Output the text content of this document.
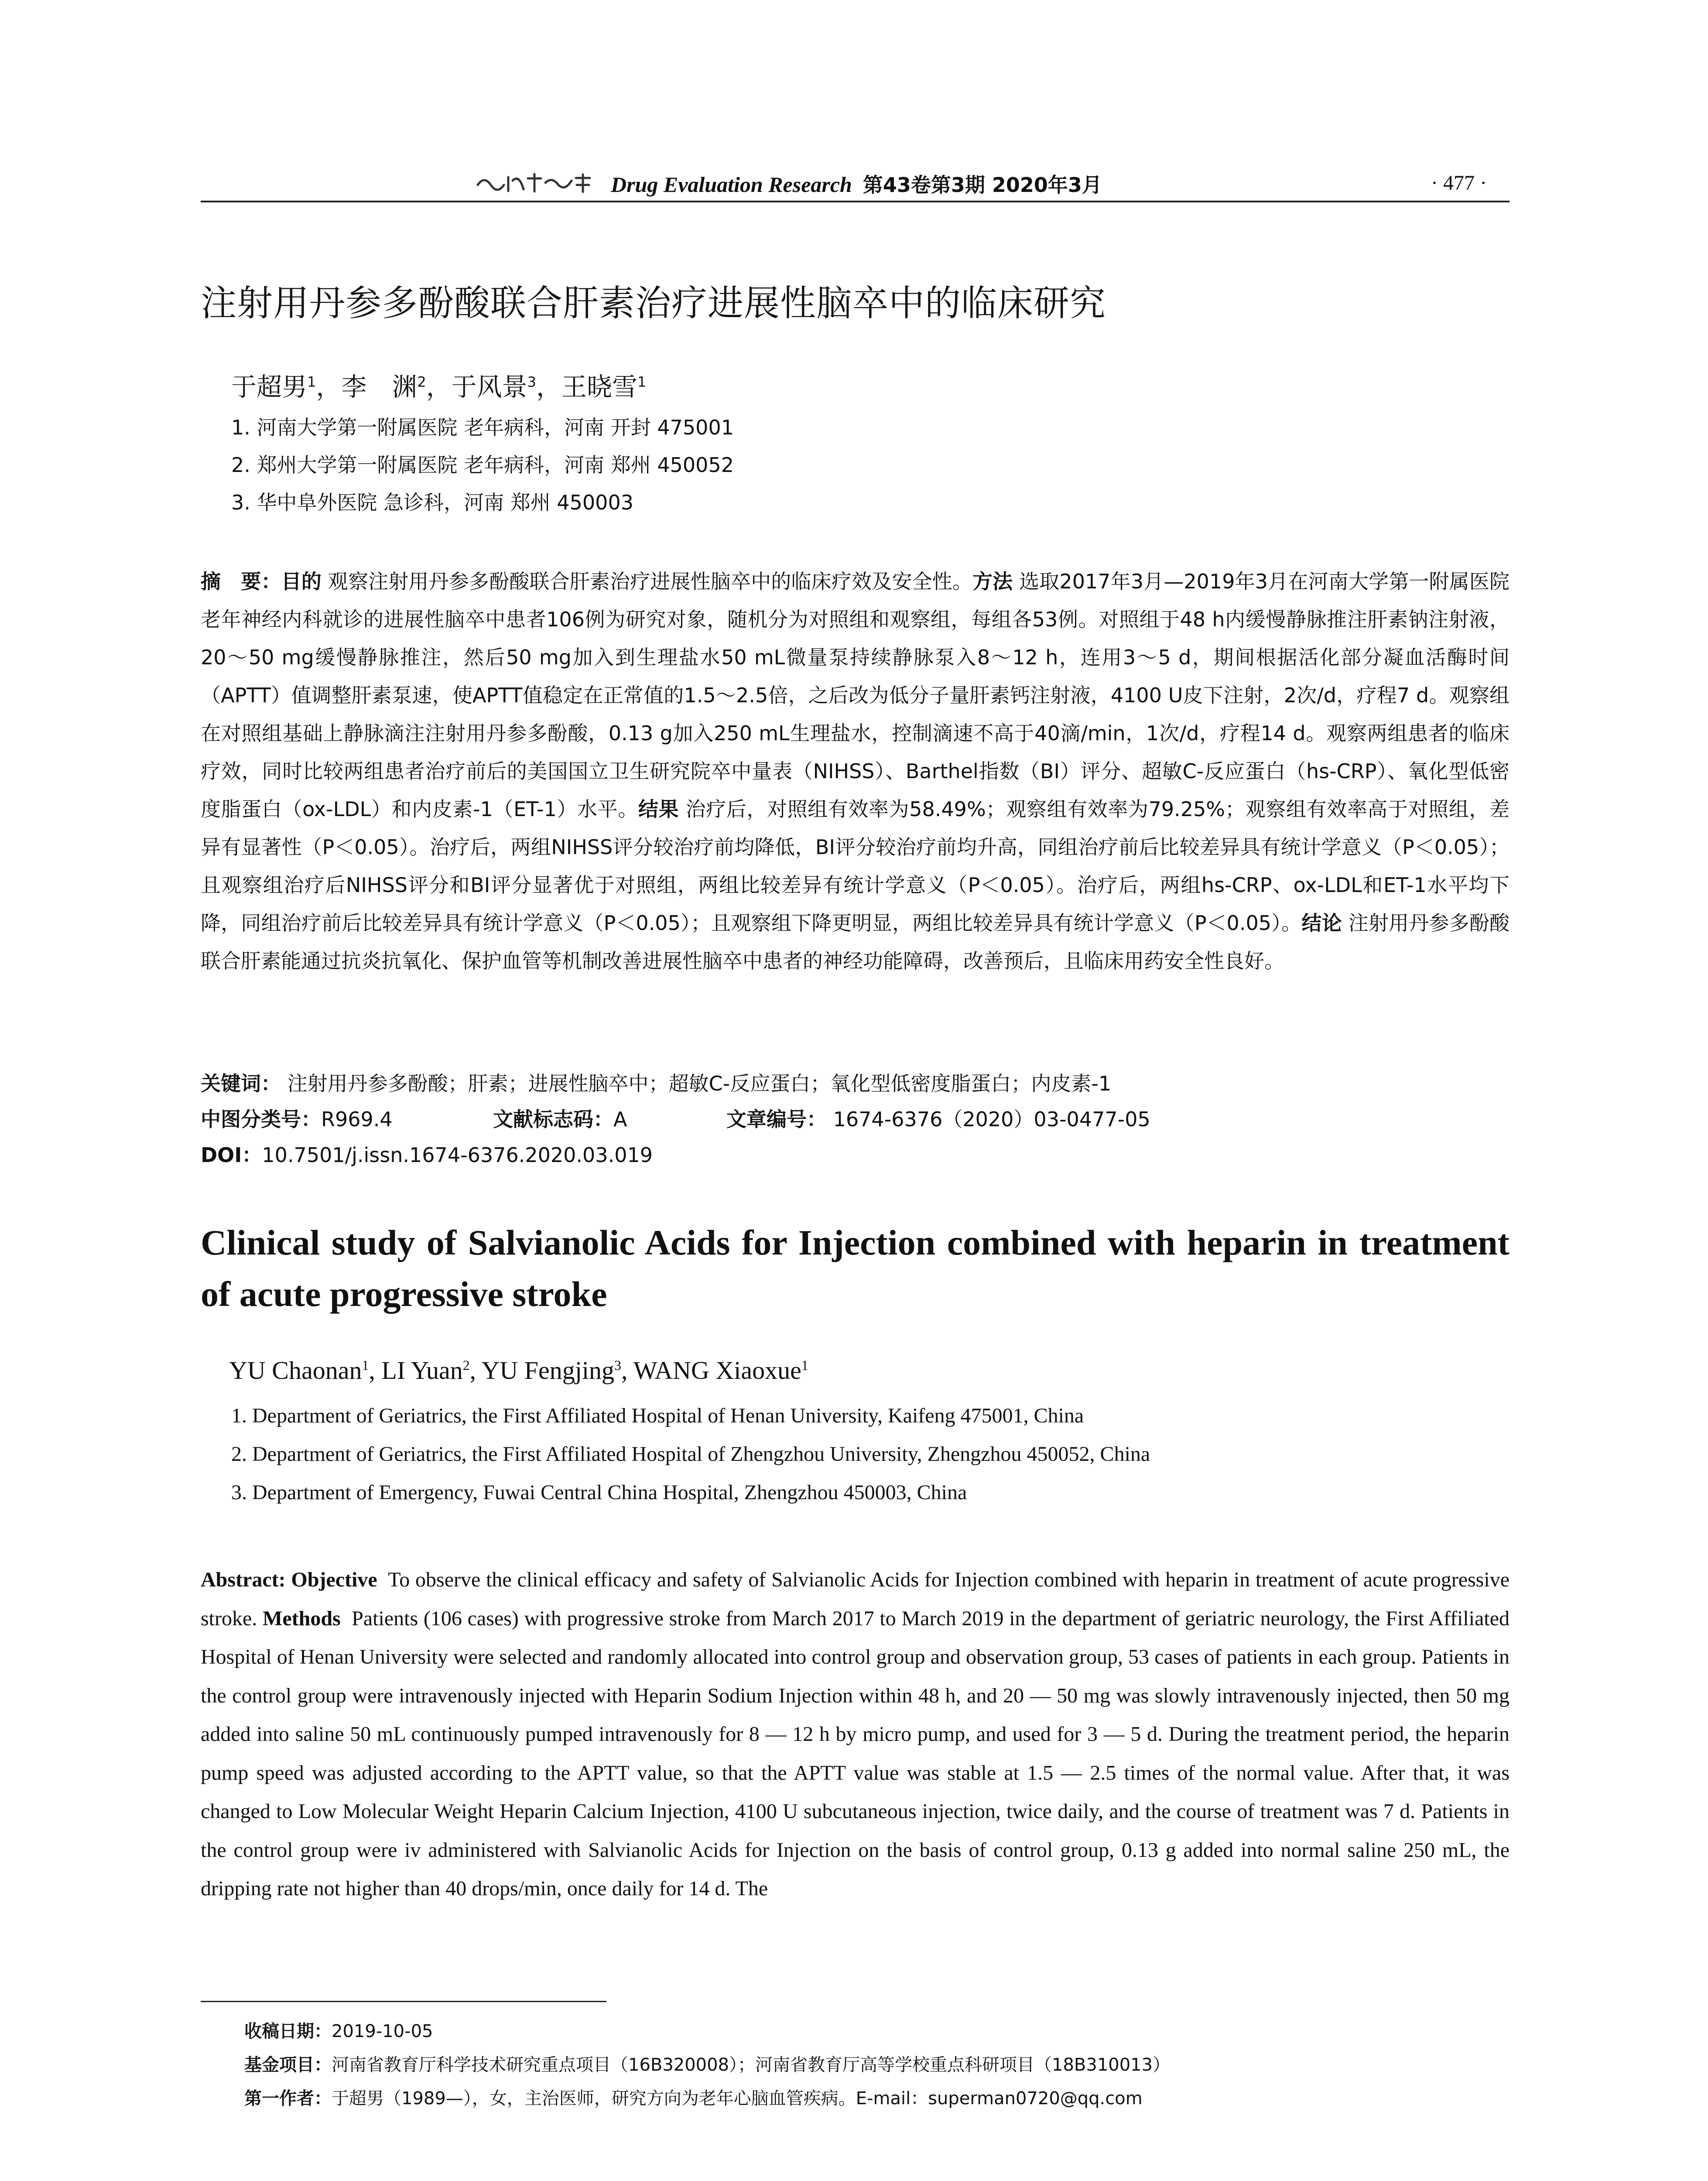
Drug Evaluation Research 第43卷第3期 2020年3月	· 477 ·
注射用丹参多酚酸联合肝素治疗进展性脑卒中的临床研究
于超男$^1$，李　渊$^2$，于风景$^3$，王晓雪$^1$
1. 河南大学第一附属医院 老年病科，河南 开封 475001
2. 郑州大学第一附属医院 老年病科，河南 郑州 450052
3. 华中阜外医院 急诊科，河南 郑州 450003

摘　要：目的 观察注射用丹参多酚酸联合肝素治疗进展性脑卒中的临床疗效及安全性。方法 选取2017年3月—2019年3月在河南大学第一附属医院老年神经内科就诊的进展性脑卒中患者106例为研究对象，随机分为对照组和观察组，每组各53例。对照组于48 h内缓慢静脉推注肝素钠注射液，20～50 mg缓慢静脉推注，然后50 mg加入到生理盐水50 mL微量泵持续静脉泵入8～12 h，连用3～5 d，期间根据活化部分凝血活酶时间（APTT）值调整肝素泵速，使APTT值稳定在正常值的1.5～2.5倍，之后改为低分子量肝素钙注射液，4100 U皮下注射，2次/d，疗程7 d。观察组在对照组基础上静脉滴注注射用丹参多酚酸，0.13 g加入250 mL生理盐水，控制滴速不高于40滴/min，1次/d，疗程14 d。观察两组患者的临床疗效，同时比较两组患者治疗前后的美国国立卫生研究院卒中量表（NIHSS）、Barthel指数（BI）评分、超敏C-反应蛋白（hs-CRP）、氧化型低密度脂蛋白（ox-LDL）和内皮素-1（ET-1）水平。结果 治疗后，对照组有效率为58.49%；观察组有效率为79.25%；观察组有效率高于对照组，差异有显著性（P＜0.05）。治疗后，两组NIHSS评分较治疗前均降低，BI评分较治疗前均升高，同组治疗前后比较差异具有统计学意义（P＜0.05）；且观察组治疗后NIHSS评分和BI评分显著优于对照组，两组比较差异有统计学意义（P＜0.05）。治疗后，两组hs-CRP、ox-LDL和ET-1水平均下降，同组治疗前后比较差异具有统计学意义（P＜0.05）；且观察组下降更明显，两组比较差异具有统计学意义（P＜0.05）。结论 注射用丹参多酚酸联合肝素能通过抗炎抗氧化、保护血管等机制改善进展性脑卒中患者的神经功能障碍，改善预后，且临床用药安全性良好。

关键词： 注射用丹参多酚酸；肝素；进展性脑卒中；超敏C-反应蛋白；氧化型低密度脂蛋白；内皮素-1
中图分类号：R969.4	文献标志码：A	文章编号： 1674-6376（2020）03-0477-05
DOI：10.7501/j.issn.1674-6376.2020.03.019

Clinical study of Salvianolic Acids for Injection combined with heparin in treatment of acute progressive stroke

YU Chaonan$^1$, LI Yuan$^2$, YU Fengjing$^3$, WANG Xiaoxue$^1$
1. Department of Geriatrics, the First Affiliated Hospital of Henan University, Kaifeng 475001, China
2. Department of Geriatrics, the First Affiliated Hospital of Zhengzhou University, Zhengzhou 450052, China
3. Department of Emergency, Fuwai Central China Hospital, Zhengzhou 450003, China

Abstract: Objective To observe the clinical efficacy and safety of Salvianolic Acids for Injection combined with heparin in treatment of acute progressive stroke. Methods Patients (106 cases) with progressive stroke from March 2017 to March 2019 in the department of geriatric neurology, the First Affiliated Hospital of Henan University were selected and randomly allocated into control group and observation group, 53 cases of patients in each group. Patients in the control group were intravenously injected with Heparin Sodium Injection within 48 h, and 20 — 50 mg was slowly intravenously injected, then 50 mg added into saline 50 mL continuously pumped intravenously for 8 — 12 h by micro pump, and used for 3 — 5 d. During the treatment period, the heparin pump speed was adjusted according to the APTT value, so that the APTT value was stable at 1.5 — 2.5 times of the normal value. After that, it was changed to Low Molecular Weight Heparin Calcium Injection, 4100 U subcutaneous injection, twice daily, and the course of treatment was 7 d. Patients in the control group were iv administered with Salvianolic Acids for Injection on the basis of control group, 0.13 g added into normal saline 250 mL, the dripping rate not higher than 40 drops/min, once daily for 14 d. The

收稿日期：2019-10-05
基金项目：河南省教育厅科学技术研究重点项目（16B320008）；河南省教育厅高等学校重点科研项目（18B310013）
第一作者：于超男（1989—），女，主治医师，研究方向为老年心脑血管疾病。E-mail：superman0720@qq.com
